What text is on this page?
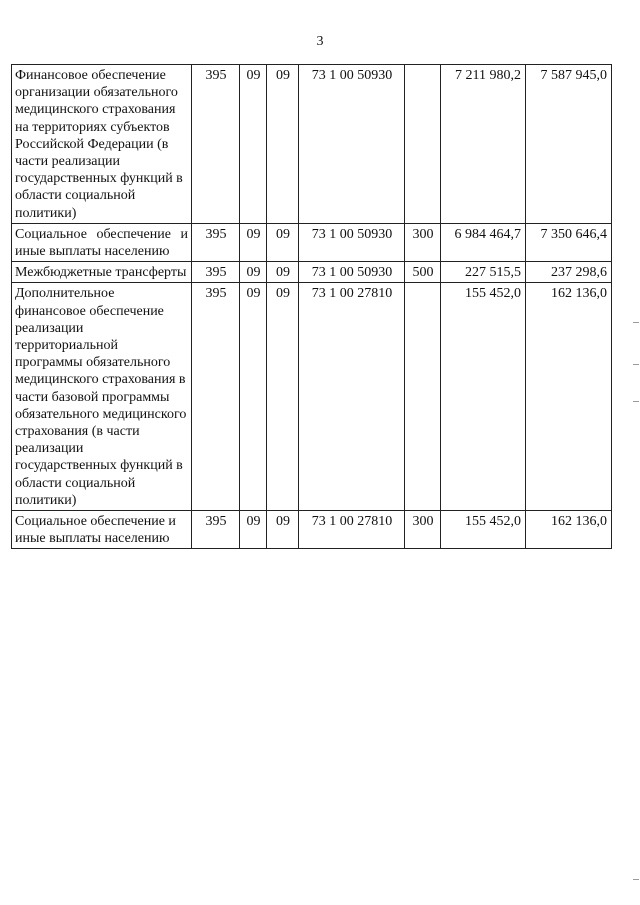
3
Финансовое обеспечение организации обязательного медицинского страхования на территориях субъектов Российской Федерации (в части реализации государственных функций в области социальной политики)	395	09	09	73 1 00 50930		7 211 980,2	7 587 945,0
Социальное обеспечение и иные выплаты населению	395	09	09	73 1 00 50930	300	6 984 464,7	7 350 646,4
Межбюджетные трансферты	395	09	09	73 1 00 50930	500	227 515,5	237 298,6
Дополнительное финансовое обеспечение реализации территориальной программы обязательного медицинского страхования в части базовой программы обязательного медицинского страхования (в части реализации государственных функций в области социальной политики)	395	09	09	73 1 00 27810		155 452,0	162 136,0
Социальное обеспечение и иные выплаты населению	395	09	09	73 1 00 27810	300	155 452,0	162 136,0
